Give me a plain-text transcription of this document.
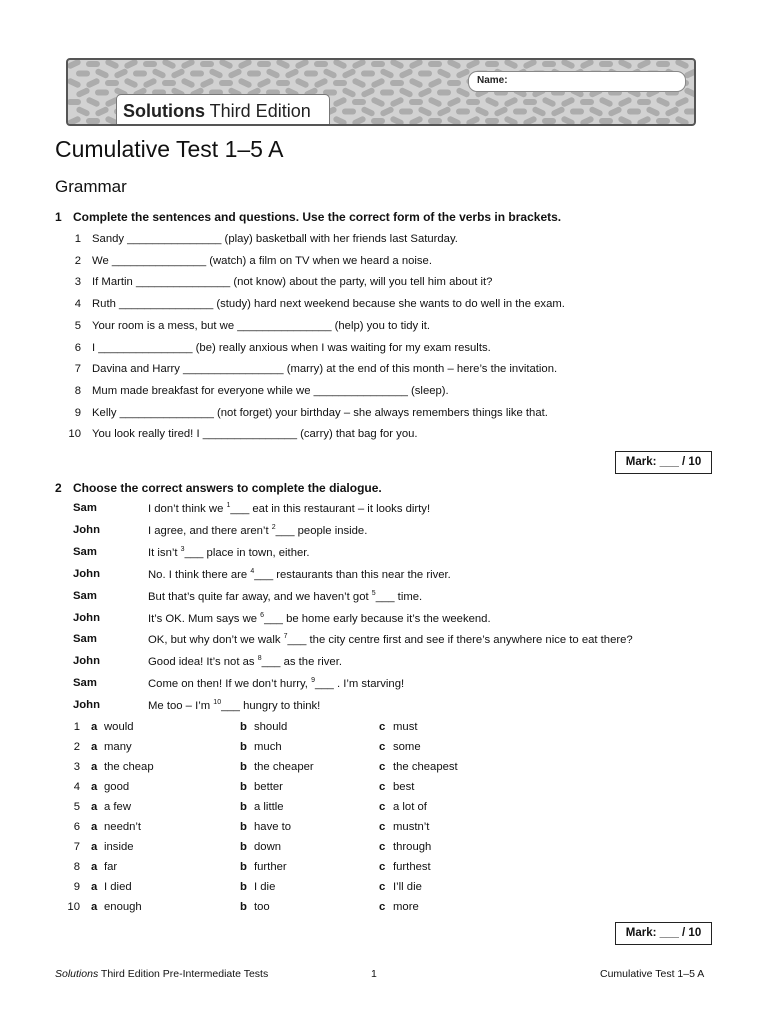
Name:
Solutions Third Edition
Cumulative Test 1–5 A
Grammar
1 Complete the sentences and questions. Use the correct form of the verbs in brackets.
1 Sandy _______________ (play) basketball with her friends last Saturday.
2 We _______________ (watch) a film on TV when we heard a noise.
3 If Martin _______________ (not know) about the party, will you tell him about it?
4 Ruth _______________ (study) hard next weekend because she wants to do well in the exam.
5 Your room is a mess, but we _______________ (help) you to tidy it.
6 I _______________ (be) really anxious when I was waiting for my exam results.
7 Davina and Harry ________________ (marry) at the end of this month – here’s the invitation.
8 Mum made breakfast for everyone while we _______________ (sleep).
9 Kelly _______________ (not forget) your birthday – she always remembers things like that.
10 You look really tired! I _______________ (carry) that bag for you.
Mark: ___ / 10
2 Choose the correct answers to complete the dialogue.
Sam	I don’t think we $^1$___ eat in this restaurant – it looks dirty!
John	I agree, and there aren’t $^2$___ people inside.
Sam	It isn’t $^3$___ place in town, either.
John	No. I think there are $^4$___ restaurants than this near the river.
Sam	But that’s quite far away, and we haven’t got $^5$___ time.
John	It’s OK. Mum says we $^6$___ be home early because it’s the weekend.
Sam	OK, but why don’t we walk $^7$___ the city centre first and see if there’s anywhere nice to eat there?
John	Good idea! It’s not as $^8$___ as the river.
Sam	Come on then! If we don’t hurry, $^9$___ . I’m starving!
John	Me too – I’m $^{10}$___ hungry to think!
1 a would	b should	c must
2 a many	b much	c some
3 a the cheap	b the cheaper	c the cheapest
4 a good	b better	c best
5 a a few	b a little	c a lot of
6 a needn’t	b have to	c mustn’t
7 a inside	b down	c through
8 a far	b further	c furthest
9 a I died	b I die	c I’ll die
10 a enough	b too	c more
Mark: ___ / 10
Solutions Third Edition Pre-Intermediate Tests	1	Cumulative Test 1–5 A
